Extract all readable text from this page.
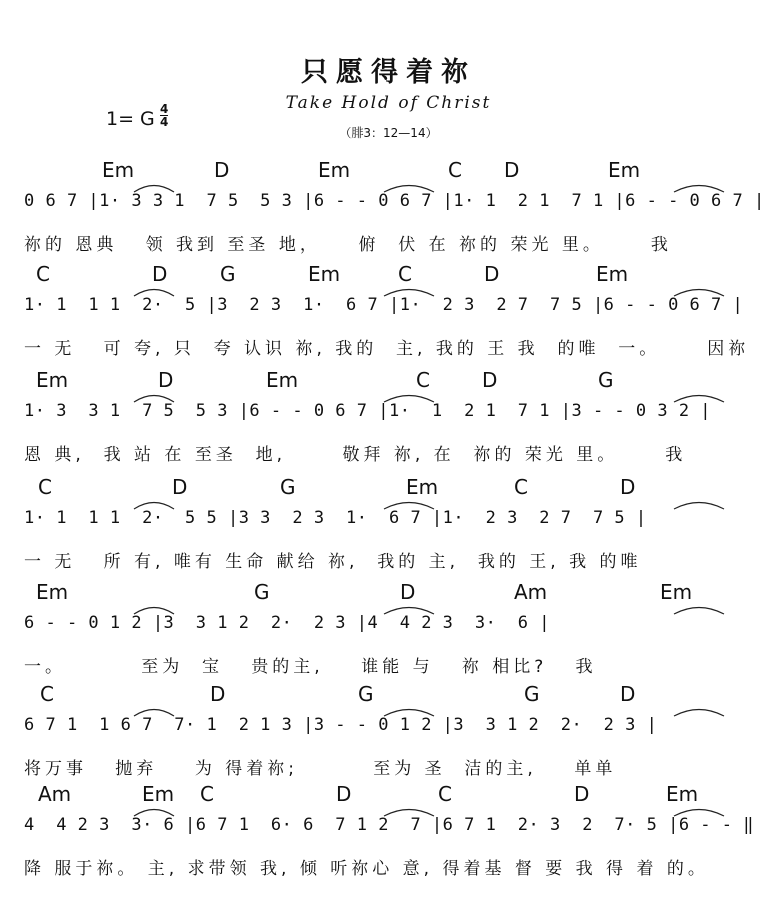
只愿得着祢
Take Hold of Christ
（腓3：12—14）
1= G 4
4
Em	D	Em	C D	Em
0 6 7 |1· 3 3 1  7 5  5 3 |6 - - 0 6 7 |1· 1  2 1  7 1 |6 - - 0 6 7 |
祢的 恩典   领 我到 至圣 地，    俯  伏 在 祢的 荣光 里。     我
C	D	G	Em	C	D	Em
1· 1  1 1  2·  5 |3  2 3  1·  6 7 |1·  2 3  2 7  7 5 |6 - - 0 6 7 |
一 无   可 夸, 只  夸 认识 祢, 我的  主, 我的 王 我  的唯  一。     因祢
Em	D	Em	C	D	G
1· 3  3 1  7 5  5 3 |6 - - 0 6 7 |1·  1  2 1  7 1 |3 - - 0 3 2 |
恩 典,  我 站 在 至圣  地,      敬拜 祢, 在  祢的 荣光 里。     我
C	D	G	Em	C	D
1· 1  1 1  2·  5 5 |3 3  2 3  1·  6 7 |1·  2 3  2 7  7 5 |
一 无   所 有, 唯有 生命 献给 祢,  我的 主,  我的 王, 我 的唯
Em	G	D	Am	Em
6 - - 0 1 2 |3  3 1 2  2·  2 3 |4  4 2 3  3·  6 |
一。        至为  宝   贵的主,    谁能 与   祢 相比?   我
C	D	G	G	D
6 7 1  1 6 7  7· 1  2 1 3 |3 - - 0 1 2 |3  3 1 2  2·  2 3 |
将万事   抛弃    为 得着祢;        至为 圣  洁的主,    单单
Am	Em C	D	C	D	Em
4  4 2 3  3· 6 |6 7 1  6· 6  7 1 2  7 |6 7 1  2· 3  2  7· 5 |6 - - ‖
降 服于祢。 主, 求带领 我, 倾 听祢心 意, 得着基 督 要 我 得 着 的。
